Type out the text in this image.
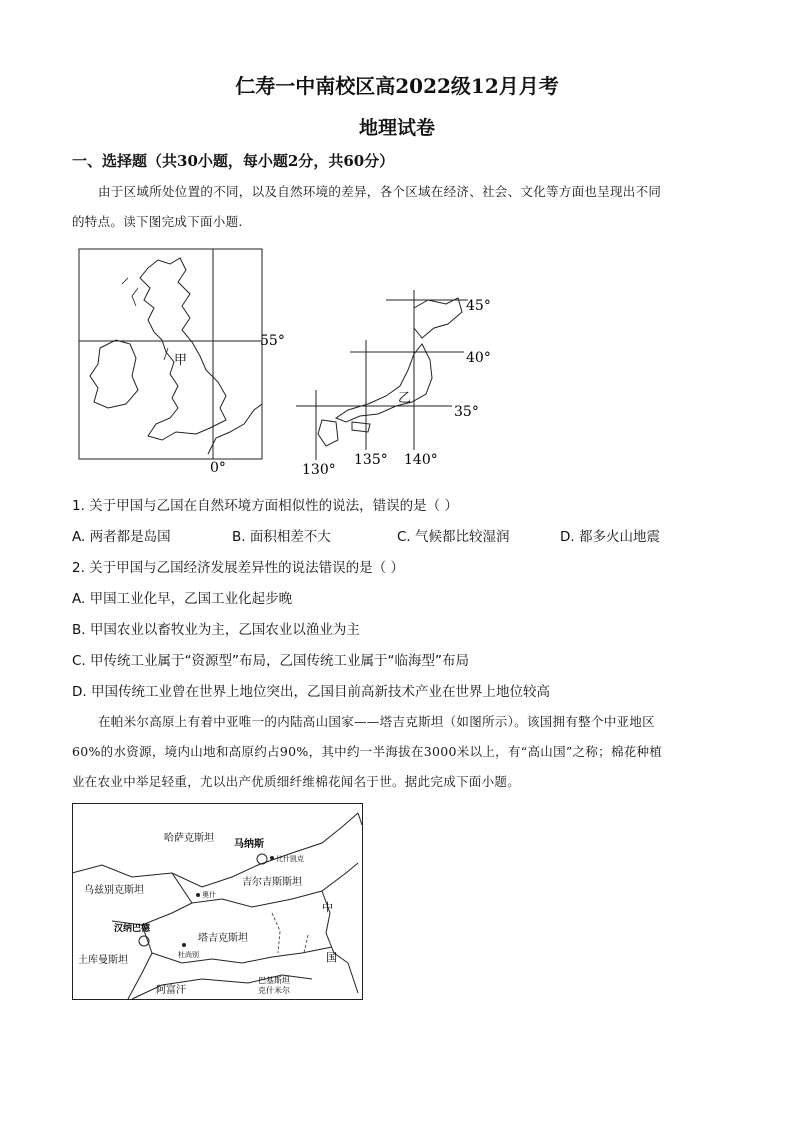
仁寿一中南校区高2022级12月月考
地理试卷
一、选择题（共30小题，每小题2分，共60分）
由于区域所处位置的不同，以及自然环境的差异，各个区域在经济、社会、文化等方面也呈现出不同
的特点。读下图完成下面小题.
甲
55°
0°
乙
45°
40°
35°
130°
135° 140°
1. 关于甲国与乙国在自然环境方面相似性的说法，错误的是（ ）
A. 两者都是岛国	B. 面积相差不大	C. 气候都比较湿润	D. 都多火山地震
2. 关于甲国与乙国经济发展差异性的说法错误的是（ ）
A. 甲国工业化早，乙国工业化起步晚
B. 甲国农业以畜牧业为主，乙国农业以渔业为主
C. 甲传统工业属于“资源型”布局，乙国传统工业属于“临海型”布局
D. 甲国传统工业曾在世界上地位突出，乙国目前高新技术产业在世界上地位较高
在帕米尔高原上有着中亚唯一的内陆高山国家——塔吉克斯坦（如图所示）。该国拥有整个中亚地区
60%的水资源，境内山地和高原约占90%，其中约一半海拔在3000米以上，有“高山国”之称；棉花种植
业在农业中举足轻重，尤以出产优质细纤维棉花闻名于世。据此完成下面小题。
哈萨克斯坦
马纳斯
比什凯克
乌兹别克斯坦
吉尔吉斯斯坦
奥什
中
国
汉纳巴德
塔吉克斯坦
杜尚别
土库曼斯坦
阿富汗
巴基斯坦
克什米尔
